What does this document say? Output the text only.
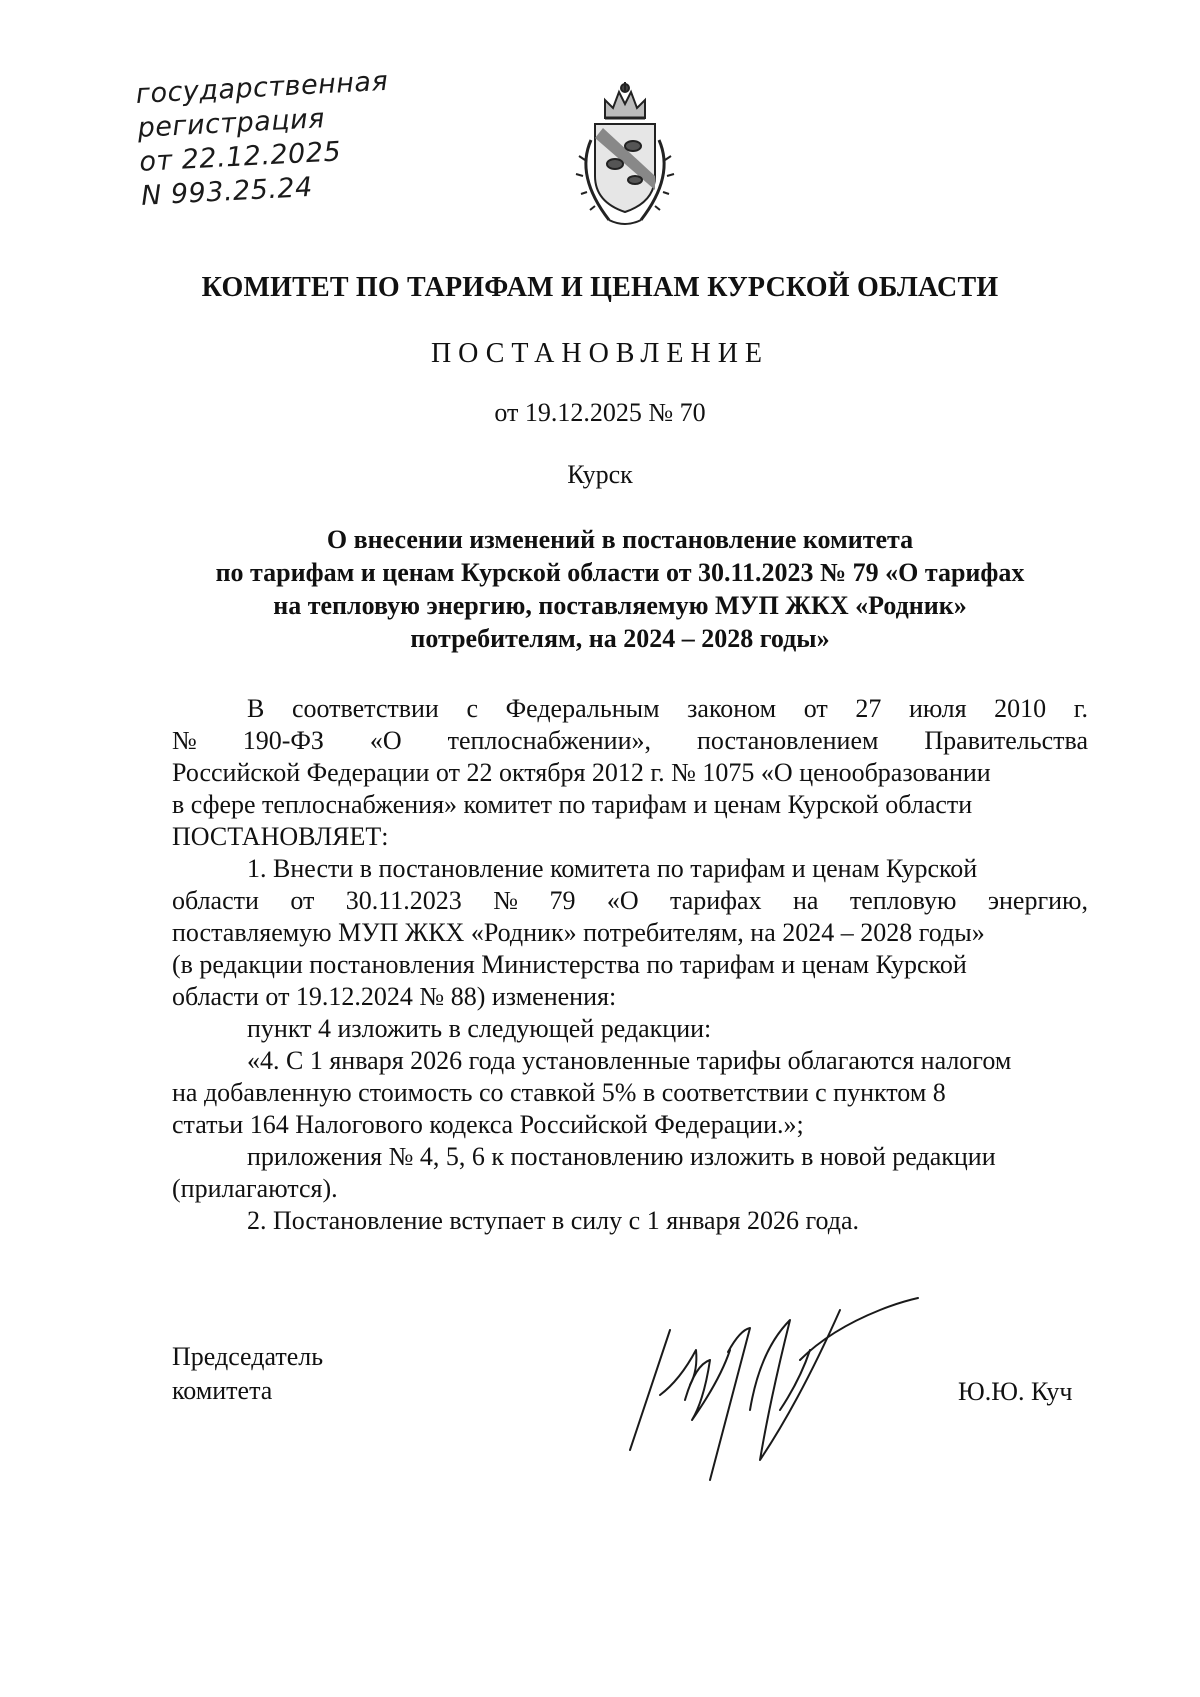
государственная
регистрация
от 22.12.2025
N 993.25.24
КОМИТЕТ ПО ТАРИФАМ И ЦЕНАМ КУРСКОЙ ОБЛАСТИ
ПОСТАНОВЛЕНИЕ
от 19.12.2025 № 70
Курск
О внесении изменений в постановление комитета
по тарифам и ценам Курской области от 30.11.2023 № 79 «О тарифах
на тепловую энергию, поставляемую МУП ЖКХ «Родник»
потребителям, на 2024 – 2028 годы»
В соответствии с Федеральным законом от 27 июля 2010 г.
№ 190-ФЗ «О теплоснабжении», постановлением Правительства
Российской Федерации от 22 октября 2012 г. № 1075 «О ценообразовании
в сфере теплоснабжения» комитет по тарифам и ценам Курской области
ПОСТАНОВЛЯЕТ:
1. Внести в постановление комитета по тарифам и ценам Курской
области от 30.11.2023 № 79 «О тарифах на тепловую энергию,
поставляемую МУП ЖКХ «Родник» потребителям, на 2024 – 2028 годы»
(в редакции постановления Министерства по тарифам и ценам Курской
области от 19.12.2024 № 88) изменения:
пункт 4 изложить в следующей редакции:
«4. С 1 января 2026 года установленные тарифы облагаются налогом
на добавленную стоимость со ставкой 5% в соответствии с пунктом 8
статьи 164 Налогового кодекса Российской Федерации.»;
приложения № 4, 5, 6 к постановлению изложить в новой редакции
(прилагаются).
2. Постановление вступает в силу с 1 января 2026 года.
Председатель
комитета	Ю.Ю. Куч
